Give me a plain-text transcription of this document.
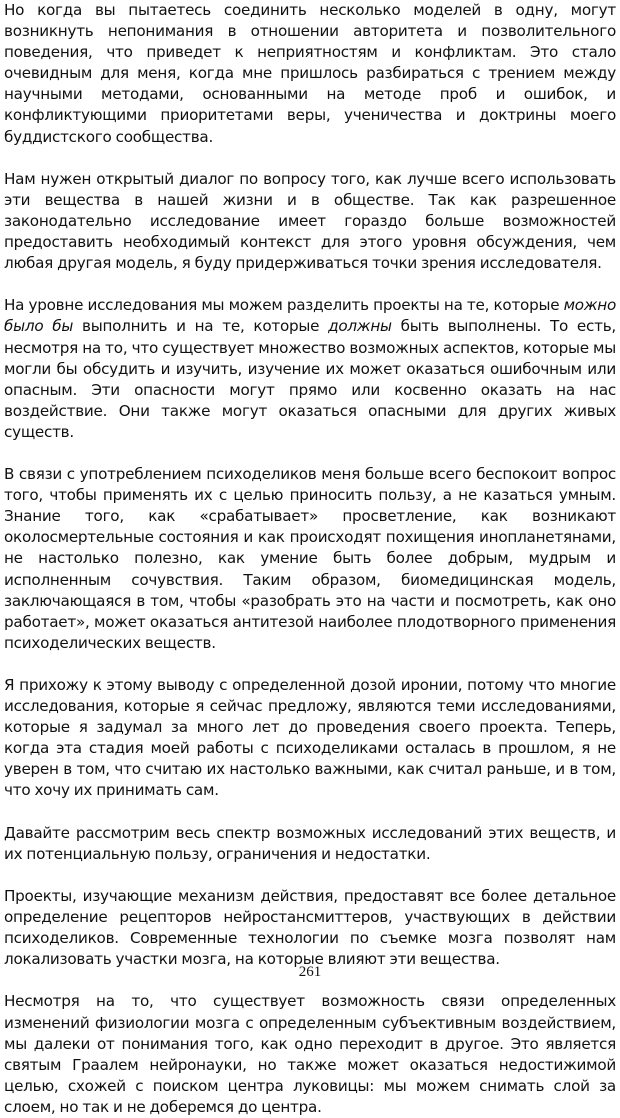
Но когда вы пытаетесь соединить несколько моделей в одну, могут возникнуть непонимания в отношении авторитета и позволительного поведения, что приведет к неприятностям и конфликтам. Это стало очевидным для меня, когда мне пришлось разбираться с трением между научными методами, основанными на методе проб и ошибок, и конфликтующими приоритетами веры, ученичества и доктрины моего буддистского сообщества.

Нам нужен открытый диалог по вопросу того, как лучше всего использовать эти вещества в нашей жизни и в обществе. Так как разрешенное законодательно исследование имеет гораздо больше возможностей предоставить необходимый контекст для этого уровня обсуждения, чем любая другая модель, я буду придерживаться точки зрения исследователя.

На уровне исследования мы можем разделить проекты на те, которые можно было бы выполнить и на те, которые должны быть выполнены. То есть, несмотря на то, что существует множество возможных аспектов, которые мы могли бы обсудить и изучить, изучение их может оказаться ошибочным или опасным. Эти опасности могут прямо или косвенно оказать на нас воздействие. Они также могут оказаться опасными для других живых существ.

В связи с употреблением психоделиков меня больше всего беспокоит вопрос того, чтобы применять их с целью приносить пользу, а не казаться умным. Знание того, как «срабатывает» просветление, как возникают околосмертельные состояния и как происходят похищения инопланетянами, не настолько полезно, как умение быть более добрым, мудрым и исполненным сочувствия. Таким образом, биомедицинская модель, заключающаяся в том, чтобы «разобрать это на части и посмотреть, как оно работает», может оказаться антитезой наиболее плодотворного применения психоделических веществ.

Я прихожу к этому выводу с определенной дозой иронии, потому что многие исследования, которые я сейчас предложу, являются теми исследованиями, которые я задумал за много лет до проведения своего проекта. Теперь, когда эта стадия моей работы с психоделиками осталась в прошлом, я не уверен в том, что считаю их настолько важными, как считал раньше, и в том, что хочу их принимать сам.

Давайте рассмотрим весь спектр возможных исследований этих веществ, и их потенциальную пользу, ограничения и недостатки.

Проекты, изучающие механизм действия, предоставят все более детальное определение рецепторов нейростансмиттеров, участвующих в действии психоделиков. Современные технологии по съемке мозга позволят нам локализовать участки мозга, на которые влияют эти вещества.

Несмотря на то, что существует возможность связи определенных изменений физиологии мозга с определенным субъективным воздействием, мы далеки от понимания того, как одно переходит в другое. Это является святым Граалем нейронауки, но также может оказаться недостижимой целью, схожей с поиском центра луковицы: мы можем снимать слой за слоем, но так и не доберемся до центра.

261
